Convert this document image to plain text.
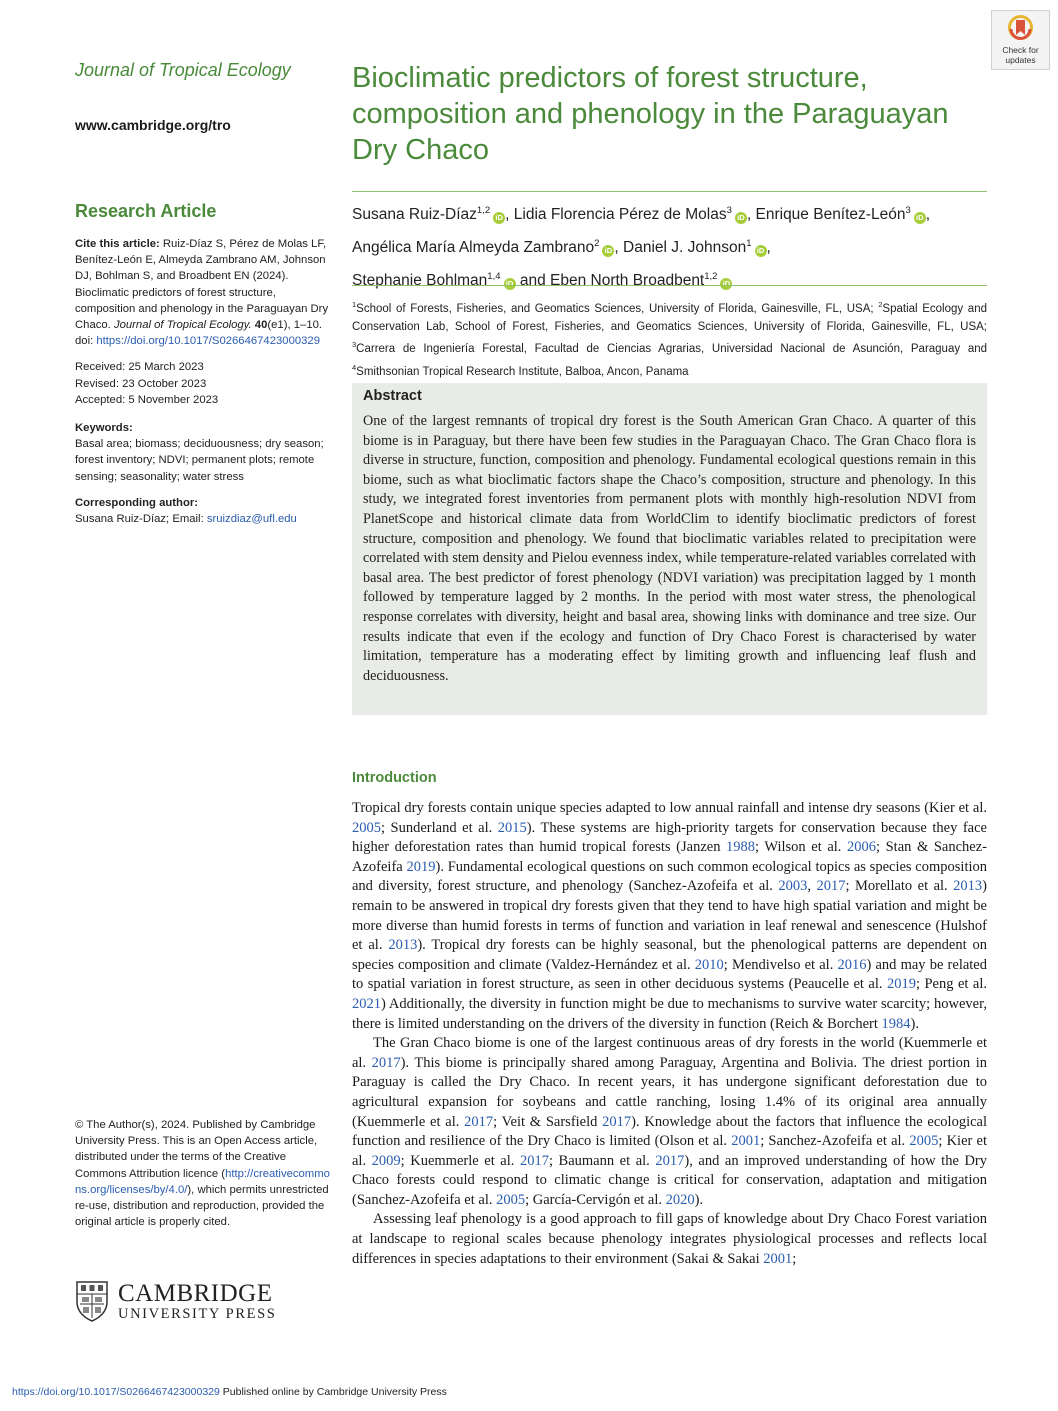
Journal of Tropical Ecology

www.cambridge.org/tro
Research Article
Cite this article: Ruiz-Díaz S, Pérez de Molas LF, Benítez-León E, Almeyda Zambrano AM, Johnson DJ, Bohlman S, and Broadbent EN (2024). Bioclimatic predictors of forest structure, composition and phenology in the Paraguayan Dry Chaco. Journal of Tropical Ecology. 40(e1), 1–10. doi: https://doi.org/10.1017/S0266467423000329
Received: 25 March 2023
Revised: 23 October 2023
Accepted: 5 November 2023
Keywords:
Basal area; biomass; deciduousness; dry season; forest inventory; NDVI; permanent plots; remote sensing; seasonality; water stress
Corresponding author:
Susana Ruiz-Díaz; Email: sruizdiaz@ufl.edu
© The Author(s), 2024. Published by Cambridge University Press. This is an Open Access article, distributed under the terms of the Creative Commons Attribution licence (http://creativecommons.org/licenses/by/4.0/), which permits unrestricted re-use, distribution and reproduction, provided the original article is properly cited.
CAMBRIDGE
UNIVERSITY PRESS
Check for
updates
Bioclimatic predictors of forest structure, composition and phenology in the Paraguayan Dry Chaco
Susana Ruiz-Díaz$^{1,2}$iD , Lidia Florencia Pérez de Molas$^3$iD , Enrique Benítez-León$^3$iD ,
Angélica María Almeyda Zambrano$^2$iD , Daniel J. Johnson$^1$iD ,
Stephanie Bohlman$^{1,4}$iD and Eben North Broadbent$^{1,2}$iD
$^1$School of Forests, Fisheries, and Geomatics Sciences, University of Florida, Gainesville, FL, USA; $^2$Spatial Ecology and Conservation Lab, School of Forest, Fisheries, and Geomatics Sciences, University of Florida, Gainesville, FL, USA; $^3$Carrera de Ingeniería Forestal, Facultad de Ciencias Agrarias, Universidad Nacional de Asunción, Paraguay and $^4$Smithsonian Tropical Research Institute, Balboa, Ancon, Panama
Abstract
One of the largest remnants of tropical dry forest is the South American Gran Chaco. A quarter of this biome is in Paraguay, but there have been few studies in the Paraguayan Chaco. The Gran Chaco flora is diverse in structure, function, composition and phenology. Fundamental ecological questions remain in this biome, such as what bioclimatic factors shape the Chaco’s composition, structure and phenology. In this study, we integrated forest inventories from permanent plots with monthly high-resolution NDVI from PlanetScope and historical climate data from WorldClim to identify bioclimatic predictors of forest structure, composition and phenology. We found that bioclimatic variables related to precipitation were correlated with stem density and Pielou evenness index, while temperature-related variables correlated with basal area. The best predictor of forest phenology (NDVI variation) was precipitation lagged by 1 month followed by temperature lagged by 2 months. In the period with most water stress, the phenological response correlates with diversity, height and basal area, showing links with dominance and tree size. Our results indicate that even if the ecology and function of Dry Chaco Forest is characterised by water limitation, temperature has a moderating effect by limiting growth and influencing leaf flush and deciduousness.
Introduction

Tropical dry forests contain unique species adapted to low annual rainfall and intense dry seasons (Kier et al. 2005; Sunderland et al. 2015). These systems are high-priority targets for conservation because they face higher deforestation rates than humid tropical forests (Janzen 1988; Wilson et al. 2006; Stan & Sanchez-Azofeifa 2019). Fundamental ecological questions on such common ecological topics as species composition and diversity, forest structure, and phenology (Sanchez-Azofeifa et al. 2003, 2017; Morellato et al. 2013) remain to be answered in tropical dry forests given that they tend to have high spatial variation and might be more diverse than humid forests in terms of function and variation in leaf renewal and senescence (Hulshof et al. 2013). Tropical dry forests can be highly seasonal, but the phenological patterns are dependent on species composition and climate (Valdez-Hernández et al. 2010; Mendivelso et al. 2016) and may be related to spatial variation in forest structure, as seen in other deciduous systems (Peaucelle et al. 2019; Peng et al. 2021) Additionally, the diversity in function might be due to mechanisms to survive water scarcity; however, there is limited understanding on the drivers of the diversity in function (Reich & Borchert 1984).

The Gran Chaco biome is one of the largest continuous areas of dry forests in the world (Kuemmerle et al. 2017). This biome is principally shared among Paraguay, Argentina and Bolivia. The driest portion in Paraguay is called the Dry Chaco. In recent years, it has undergone significant deforestation due to agricultural expansion for soybeans and cattle ranching, losing 1.4% of its original area annually (Kuemmerle et al. 2017; Veit & Sarsfield 2017). Knowledge about the factors that influence the ecological function and resilience of the Dry Chaco is limited (Olson et al. 2001; Sanchez-Azofeifa et al. 2005; Kier et al. 2009; Kuemmerle et al. 2017; Baumann et al. 2017), and an improved understanding of how the Dry Chaco forests could respond to climatic change is critical for conservation, adaptation and mitigation (Sanchez-Azofeifa et al. 2005; García-Cervigón et al. 2020).

Assessing leaf phenology is a good approach to fill gaps of knowledge about Dry Chaco Forest variation at landscape to regional scales because phenology integrates physiological processes and reflects local differences in species adaptations to their environment (Sakai & Sakai 2001;

https://doi.org/10.1017/S0266467423000329 Published online by Cambridge University Press
